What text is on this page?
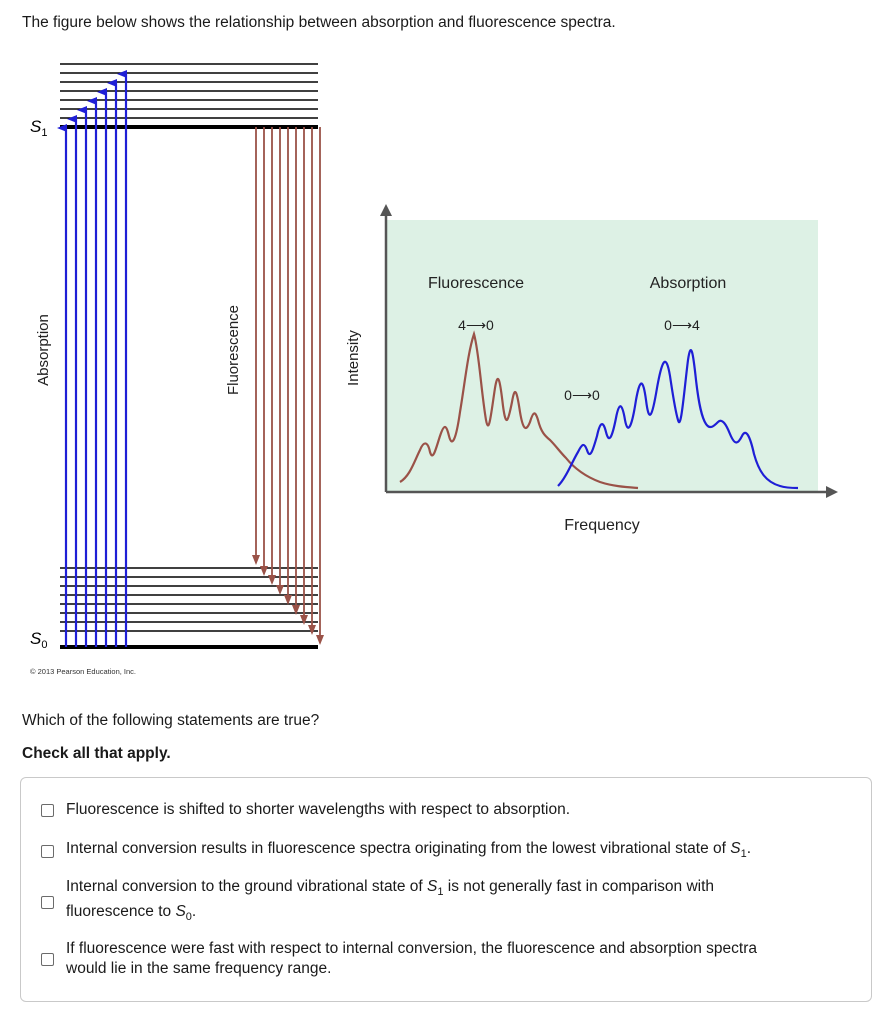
The figure below shows the relationship between absorption and fluorescence spectra.
$S_1$
$S_0$
Absorption	Fluorescence
© 2013 Pearson Education, Inc.
Intensity
Frequency
Fluorescence	Absorption
4⟶0	0⟶4
0⟶0
Which of the following statements are true?
Check all that apply.
Fluorescence is shifted to shorter wavelengths with respect to absorption.
Internal conversion results in fluorescence spectra originating from the lowest vibrational state of $S_1$.
Internal conversion to the ground vibrational state of $S_1$ is not generally fast in comparison with
fluorescence to $S_0$.
If fluorescence were fast with respect to internal conversion, the fluorescence and absorption spectra
would lie in the same frequency range.
